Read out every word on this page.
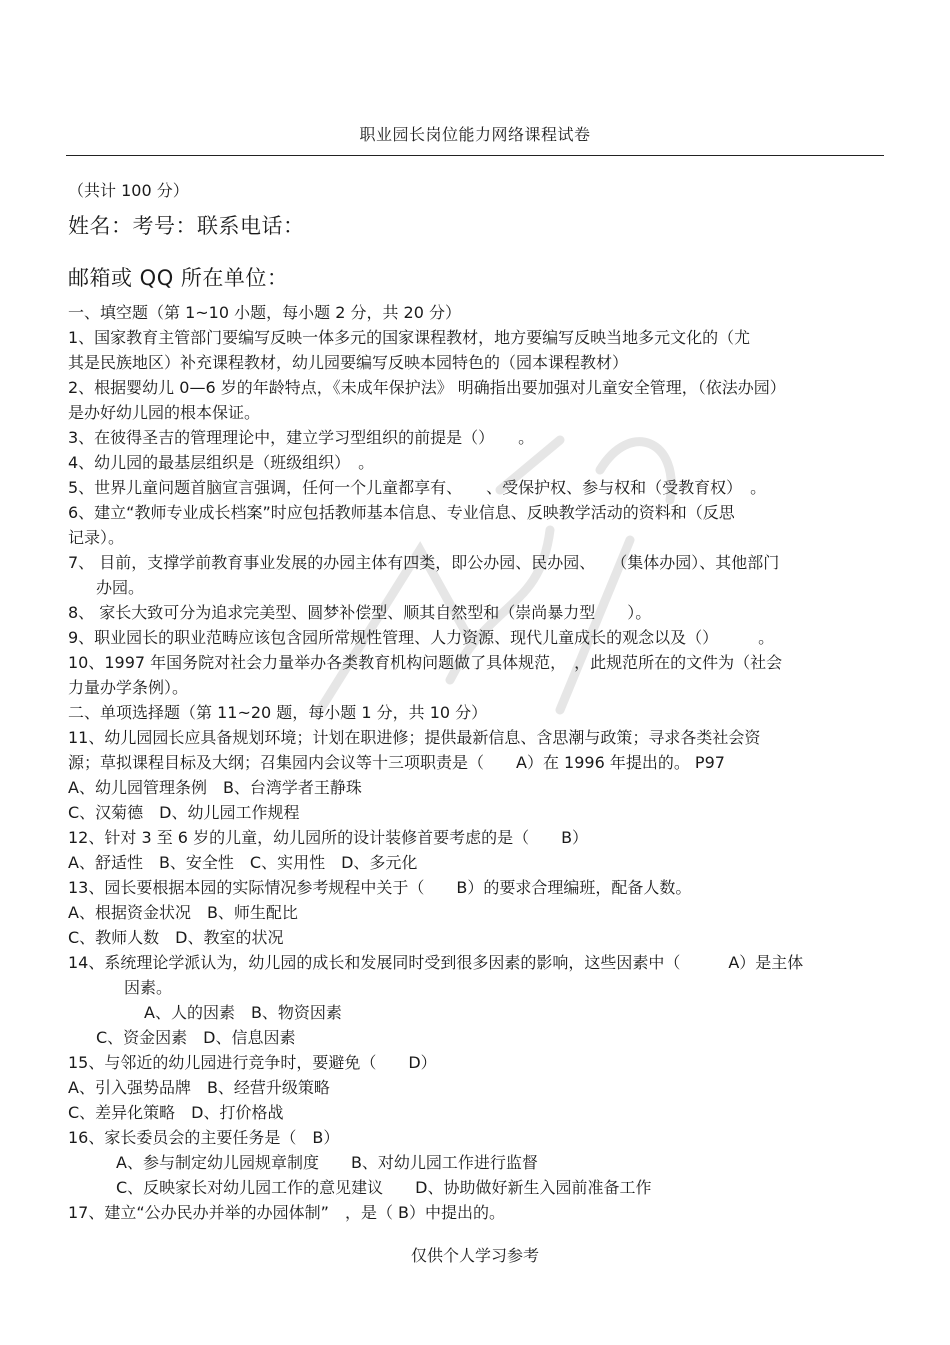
职业园长岗位能力网络课程试卷
（共计 100 分）
姓名：考号：联系电话：
邮箱或 QQ 所在单位：
一、填空题（第 1~10 小题，每小题 2 分，共 20 分）
1、国家教育主管部门要编写反映一体多元的国家课程教材，地方要编写反映当地多元文化的（尤
其是民族地区）补充课程教材，幼儿园要编写反映本园特色的（园本课程教材）
2、根据婴幼儿 0—6 岁的年龄特点，《未成年保护法》 明确指出要加强对儿童安全管理，（依法办园）
是办好幼儿园的根本保证。
3、在彼得圣吉的管理理论中，建立学习型组织的前提是（）　　。
4、幼儿园的最基层组织是（班级组织）　。
5、世界儿童问题首脑宣言强调，任何一个儿童都享有、　　、受保护权、参与权和（受教育权）　。
6、建立“教师专业成长档案”时应包括教师基本信息、专业信息、反映教学活动的资料和（反思
记录）。
7、 目前，支撑学前教育事业发展的办园主体有四类，即公办园、民办园、　　（集体办园）、其他部门
办园。
8、 家长大致可分为追求完美型、圆梦补偿型、顺其自然型和（崇尚暴力型　　）。
9、职业园长的职业范畴应该包含园所常规性管理、人力资源、现代儿童成长的观念以及（）　　　。
10、1997 年国务院对社会力量举办各类教育机构问题做了具体规范，　，此规范所在的文件为（社会
力量办学条例）。
二、单项选择题（第 11~20 题，每小题 1 分，共 10 分）
11、幼儿园园长应具备规划环境；计划在职进修；提供最新信息、含思潮与政策；寻求各类社会资
源；草拟课程目标及大纲；召集园内会议等十三项职责是（　　A）在 1996 年提出的。 P97
A、幼儿园管理条例　B、台湾学者王静珠
C、汉菊德　D、幼儿园工作规程
12、针对 3 至 6 岁的儿童，幼儿园所的设计装修首要考虑的是（　　B）
A、舒适性　B、安全性　C、实用性　D、多元化
13、园长要根据本园的实际情况参考规程中关于（　　B）的要求合理编班，配备人数。
A、根据资金状况　B、师生配比
C、教师人数　D、教室的状况
14、系统理论学派认为，幼儿园的成长和发展同时受到很多因素的影响，这些因素中（　　　A）是主体
因素。
A、人的因素　B、物资因素
C、资金因素　D、信息因素
15、与邻近的幼儿园进行竞争时，要避免（　　D）
A、引入强势品牌　B、经营升级策略
C、差异化策略　D、打价格战
16、家长委员会的主要任务是（　B）
A、参与制定幼儿园规章制度　　B、对幼儿园工作进行监督
C、反映家长对幼儿园工作的意见建议　　D、协助做好新生入园前准备工作
17、建立“公办民办并举的办园体制”　，是（ B）中提出的。
仅供个人学习参考
